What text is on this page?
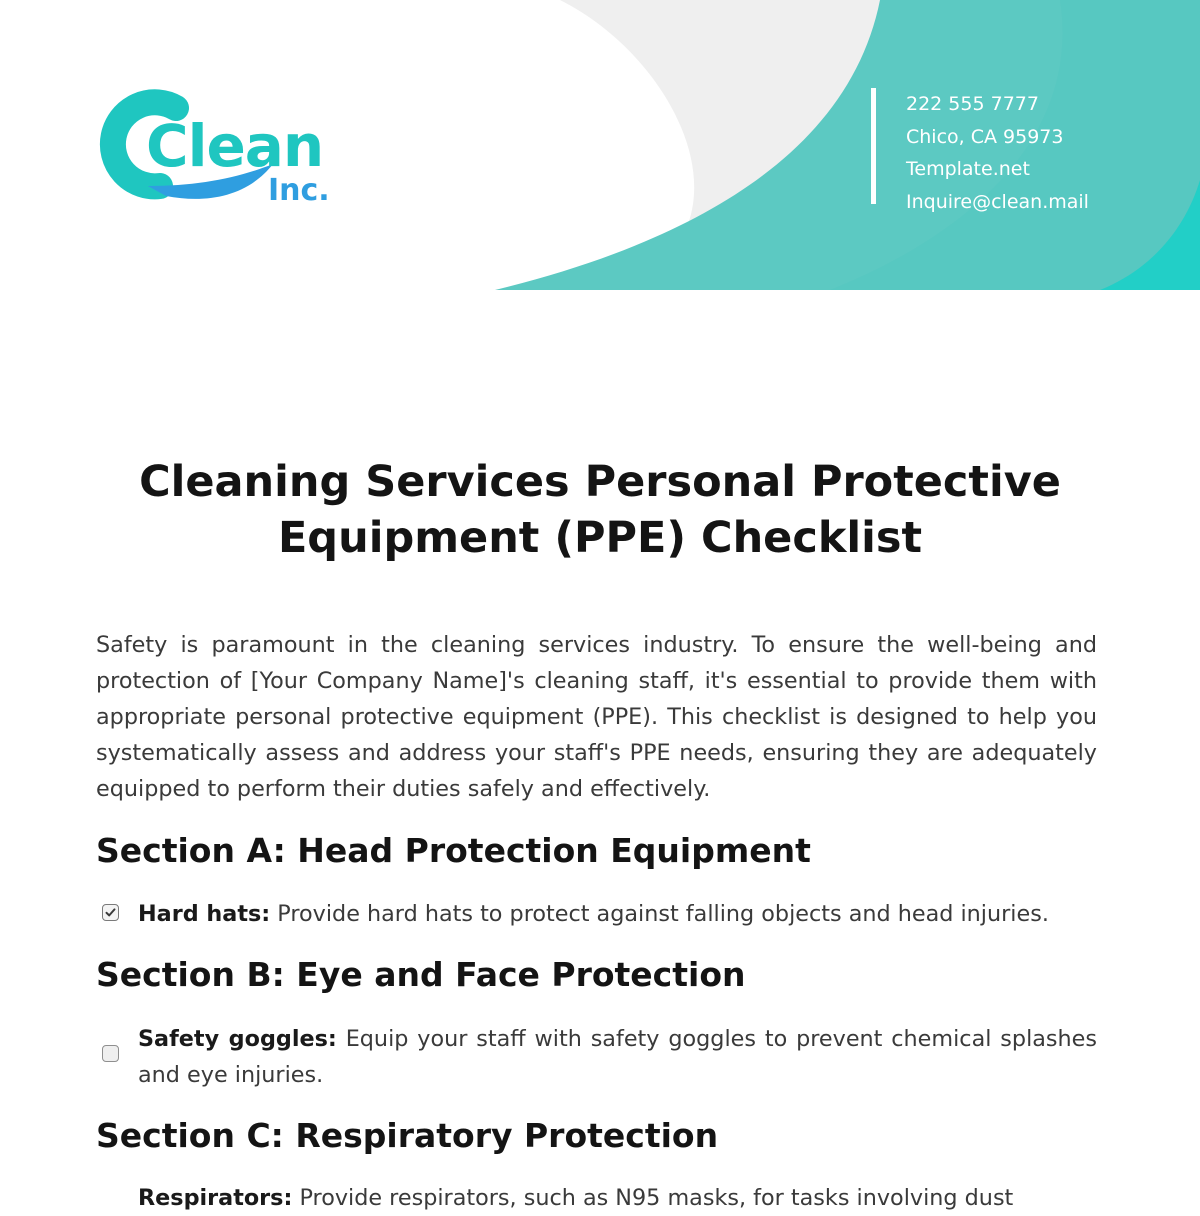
Clean
Inc.
222 555 7777
Chico, CA 95973
Template.net
Inquire@clean.mail
Cleaning Services Personal Protective
Equipment (PPE) Checklist

Safety is paramount in the cleaning services industry. To ensure the well-being and protection of [Your Company Name]'s cleaning staff, it's essential to provide them with appropriate personal protective equipment (PPE). This checklist is designed to help you systematically assess and address your staff's PPE needs, ensuring they are adequately equipped to perform their duties safely and effectively.

Section A: Head Protection Equipment

Hard hats: Provide hard hats to protect against falling objects and head injuries.

Section B: Eye and Face Protection

Safety goggles: Equip your staff with safety goggles to prevent chemical splashes and eye injuries.

Section C: Respiratory Protection

Respirators: Provide respirators, such as N95 masks, for tasks involving dust
